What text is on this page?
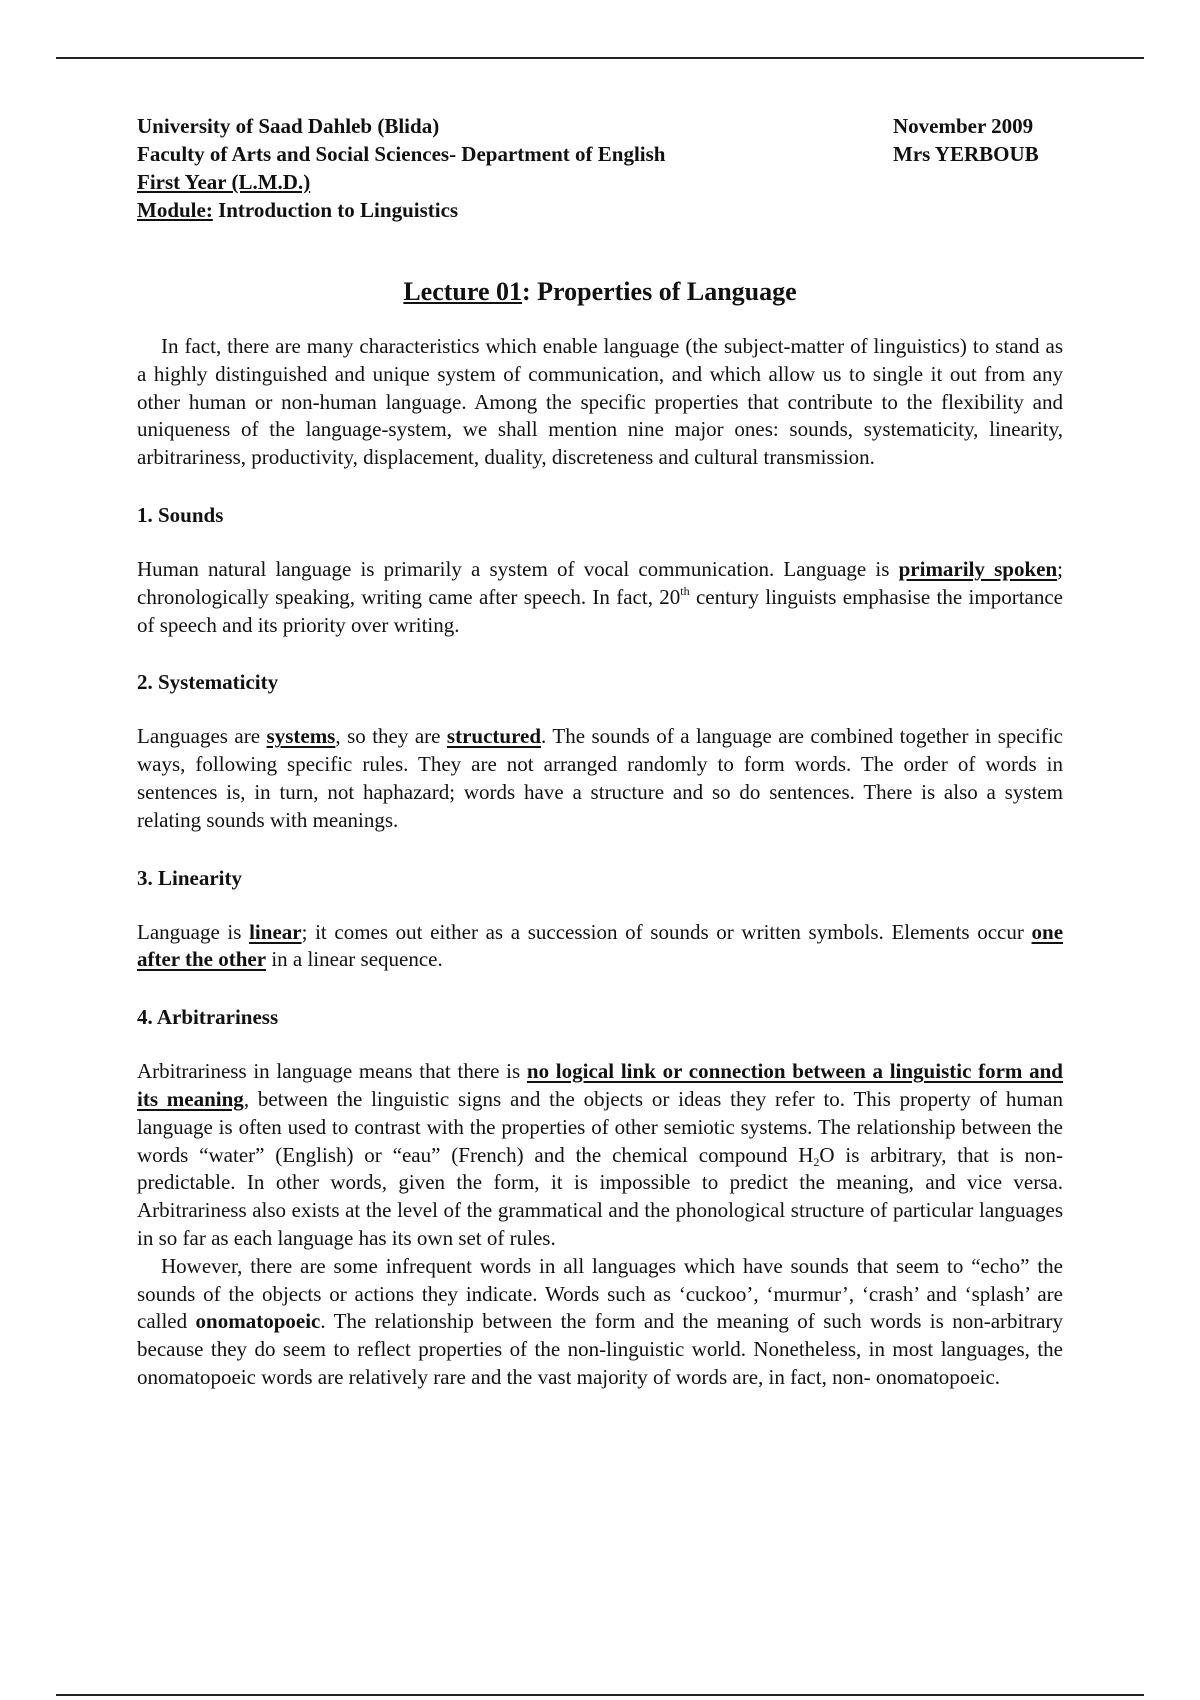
University of Saad Dahleb (Blida)
Faculty of Arts and Social Sciences- Department of English
First Year (L.M.D.)
Module: Introduction to Linguistics
November 2009
Mrs YERBOUB
Lecture 01: Properties of Language

In fact, there are many characteristics which enable language (the subject-matter of linguistics) to stand as a highly distinguished and unique system of communication, and which allow us to single it out from any other human or non-human language. Among the specific properties that contribute to the flexibility and uniqueness of the language-system, we shall mention nine major ones: sounds, systematicity, linearity, arbitrariness, productivity, displacement, duality, discreteness and cultural transmission.

1. Sounds

Human natural language is primarily a system of vocal communication. Language is primarily spoken; chronologically speaking, writing came after speech. In fact, 20th century linguists emphasise the importance of speech and its priority over writing.

2. Systematicity

Languages are systems, so they are structured. The sounds of a language are combined together in specific ways, following specific rules. They are not arranged randomly to form words. The order of words in sentences is, in turn, not haphazard; words have a structure and so do sentences. There is also a system relating sounds with meanings.

3. Linearity

Language is linear; it comes out either as a succession of sounds or written symbols. Elements occur one after the other in a linear sequence.

4. Arbitrariness

Arbitrariness in language means that there is no logical link or connection between a linguistic form and its meaning, between the linguistic signs and the objects or ideas they refer to. This property of human language is often used to contrast with the properties of other semiotic systems. The relationship between the words “water” (English) or “eau” (French) and the chemical compound $H_2O$ is arbitrary, that is non-predictable. In other words, given the form, it is impossible to predict the meaning, and vice versa. Arbitrariness also exists at the level of the grammatical and the phonological structure of particular languages in so far as each language has its own set of rules.

However, there are some infrequent words in all languages which have sounds that seem to “echo” the sounds of the objects or actions they indicate. Words such as ‘cuckoo’, ‘murmur’, ‘crash’ and ‘splash’ are called onomatopoeic. The relationship between the form and the meaning of such words is non-arbitrary because they do seem to reflect properties of the non-linguistic world. Nonetheless, in most languages, the onomatopoeic words are relatively rare and the vast majority of words are, in fact, non- onomatopoeic.
